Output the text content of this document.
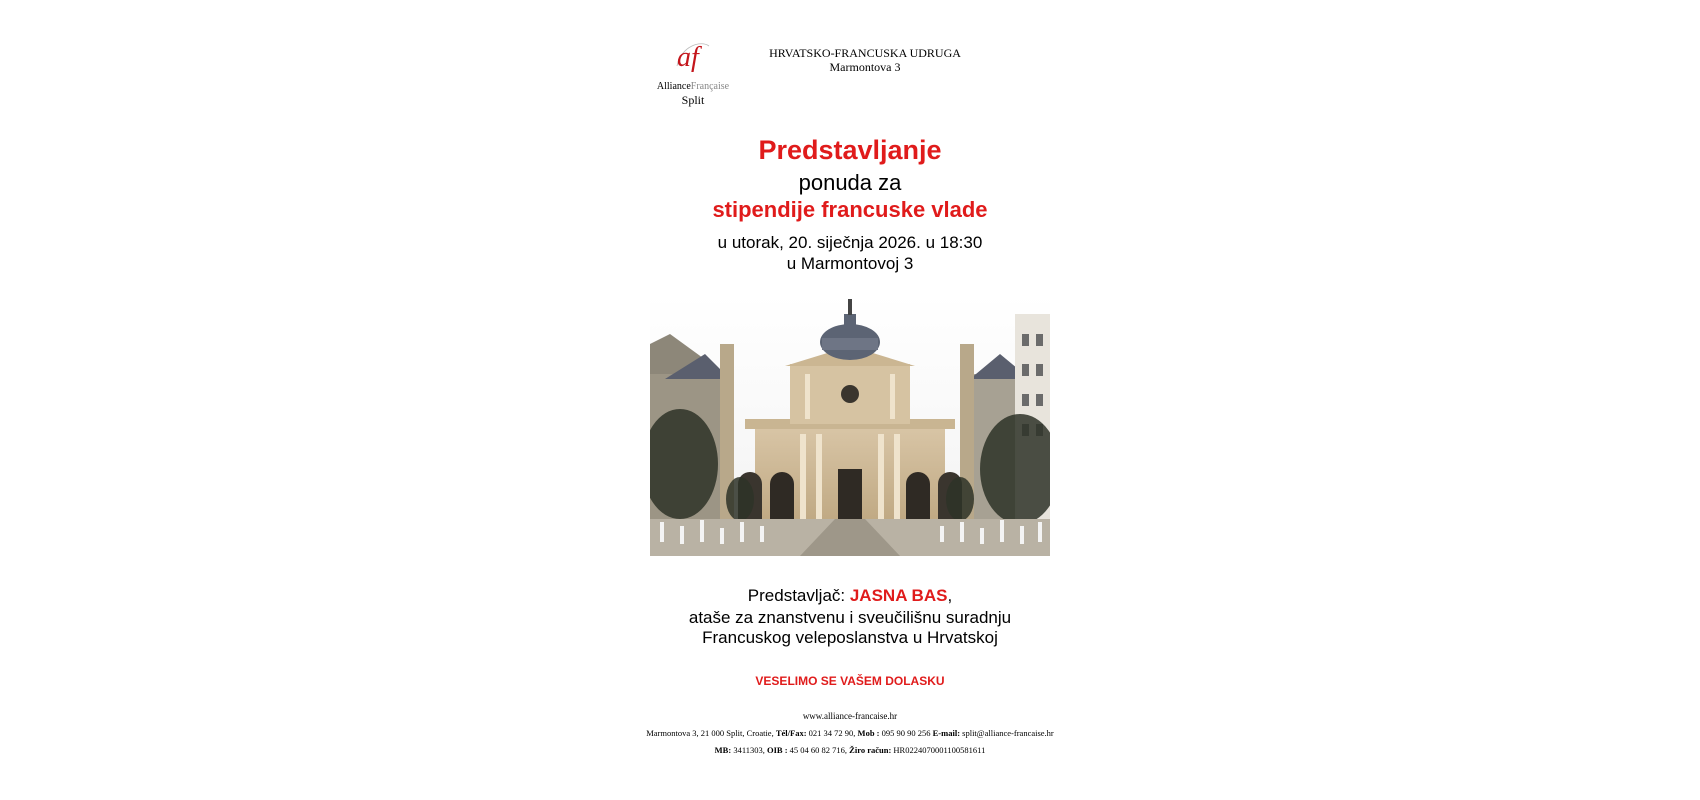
af
AllianceFrançaise
Split
HRVATSKO-FRANCUSKA UDRUGA
Marmontova 3
Predstavljanje
ponuda za
stipendije francuske vlade
u utorak, 20. siječnja 2026. u 18:30
u Marmontovoj 3
Predstavljač: JASNA BAS,
ataše za znanstvenu i sveučilišnu suradnju
Francuskog veleposlanstva u Hrvatskoj
VESELIMO SE VAŠEM DOLASKU
www.alliance-francaise.hr
Marmontova 3, 21 000 Split, Croatie, Tél/Fax: 021 34 72 90, Mob : 095 90 90 256 E-mail: split@alliance-francaise.hr
MB: 3411303, OIB : 45 04 60 82 716, Žiro račun: HR0224070001100581611
